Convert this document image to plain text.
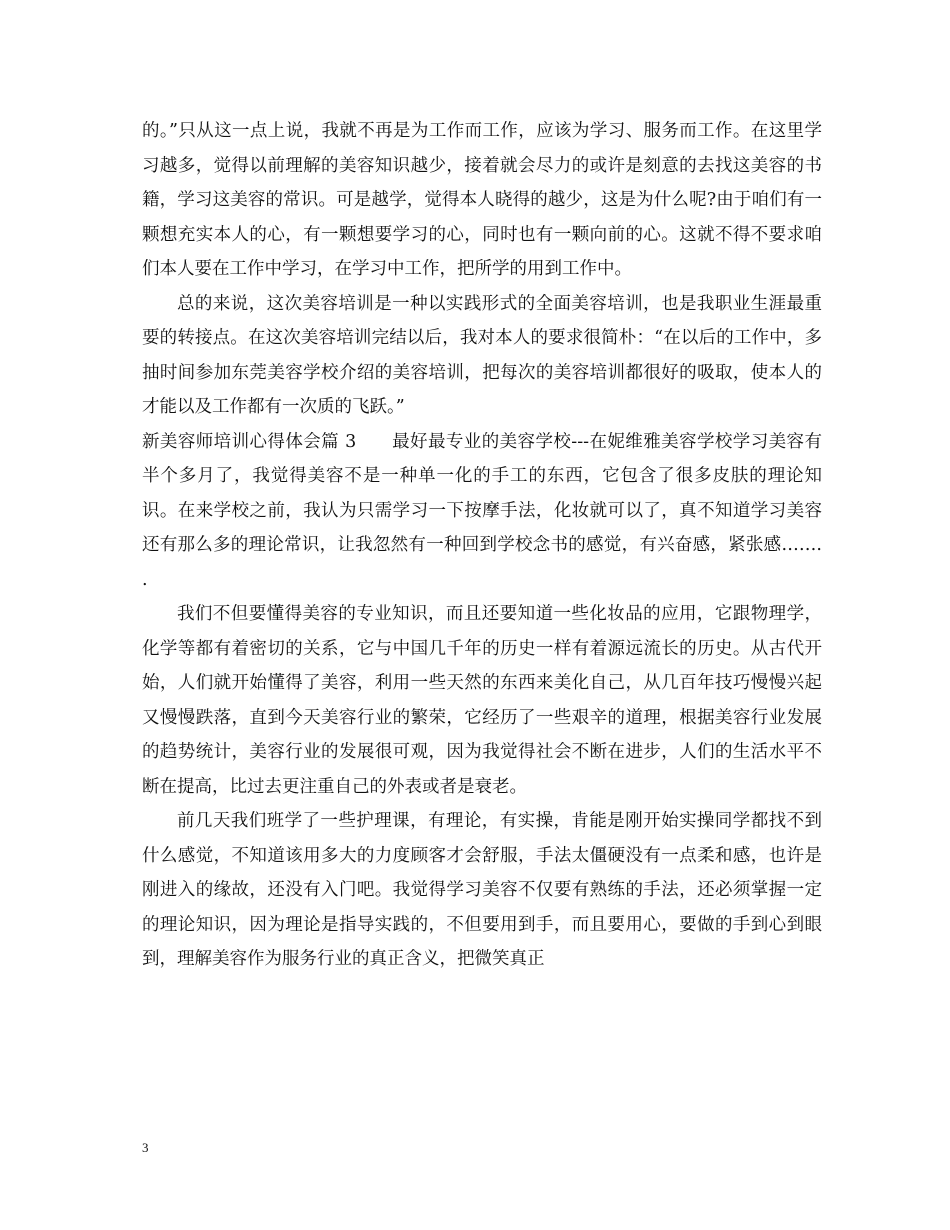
的。”只从这一点上说，我就不再是为工作而工作，应该为学习、服务而工作。在这里学习越多，觉得以前理解的美容知识越少，接着就会尽力的或许是刻意的去找这美容的书籍，学习这美容的常识。可是越学，觉得本人晓得的越少，这是为什么呢?由于咱们有一颗想充实本人的心，有一颗想要学习的心，同时也有一颗向前的心。这就不得不要求咱们本人要在工作中学习，在学习中工作，把所学的用到工作中。

总的来说，这次美容培训是一种以实践形式的全面美容培训，也是我职业生涯最重要的转接点。在这次美容培训完结以后，我对本人的要求很简朴：“在以后的工作中，多抽时间参加东莞美容学校介绍的美容培训，把每次的美容培训都很好的吸取，使本人的才能以及工作都有一次质的飞跃。”

新美容师培训心得体会篇 3 最好最专业的美容学校---在妮维雅美容学校学习美容有半个多月了，我觉得美容不是一种单一化的手工的东西，它包含了很多皮肤的理论知识。在来学校之前，我认为只需学习一下按摩手法，化妆就可以了，真不知道学习美容还有那么多的理论常识，让我忽然有一种回到学校念书的感觉，有兴奋感，紧张感……. .

我们不但要懂得美容的专业知识，而且还要知道一些化妆品的应用，它跟物理学，化学等都有着密切的关系，它与中国几千年的历史一样有着源远流长的历史。从古代开始，人们就开始懂得了美容，利用一些天然的东西来美化自己，从几百年技巧慢慢兴起又慢慢跌落，直到今天美容行业的繁荣，它经历了一些艰辛的道理，根据美容行业发展的趋势统计，美容行业的发展很可观，因为我觉得社会不断在进步，人们的生活水平不断在提高，比过去更注重自己的外表或者是衰老。

前几天我们班学了一些护理课，有理论，有实操，肯能是刚开始实操同学都找不到什么感觉，不知道该用多大的力度顾客才会舒服，手法太僵硬没有一点柔和感，也许是刚进入的缘故，还没有入门吧。我觉得学习美容不仅要有熟练的手法，还必须掌握一定的理论知识，因为理论是指导实践的，不但要用到手，而且要用心，要做的手到心到眼到，理解美容作为服务行业的真正含义，把微笑真正

3
